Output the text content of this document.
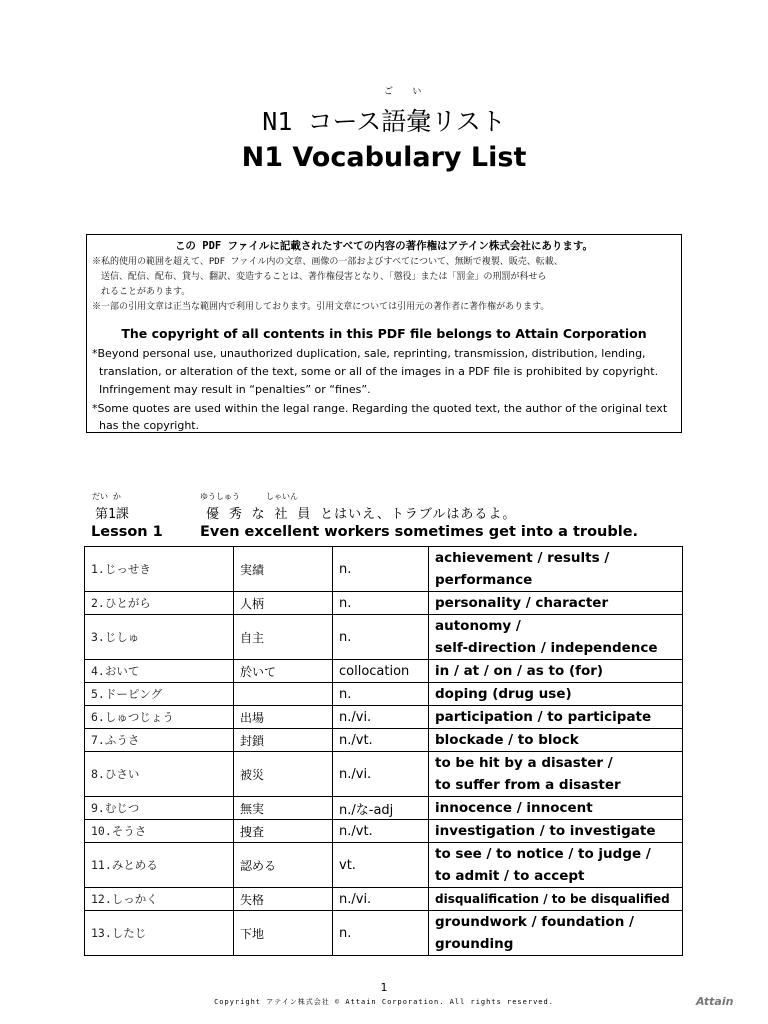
ご い
N1 コース語彙リスト
N1 Vocabulary List
この PDF ファイルに記載されたすべての内容の著作権はアテイン株式会社にあります。
※私的使用の範囲を超えて、PDF ファイル内の文章、画像の一部およびすべてについて、無断で複製、販売、転載、
送信、配信、配布、貸与、翻訳、変造することは、著作権侵害となり、「懲役」または「罰金」の刑罰が科せら
れることがあります。
※一部の引用文章は正当な範囲内で利用しております。引用文章については引用元の著作者に著作権があります。
The copyright of all contents in this PDF file belongs to Attain Corporation
*Beyond personal use, unauthorized duplication, sale, reprinting, transmission, distribution, lending,
translation, or alteration of the text, some or all of the images in a PDF file is prohibited by copyright.
Infringement may result in “penalties” or “fines”.
*Some quotes are used within the legal range. Regarding the quoted text, the author of the original text
has the copyright.
だい か	ゆうしゅう	しゃいん
第1課	優 秀 な 社 員 とはいえ、トラブルはあるよ。
Lesson 1	Even excellent workers sometimes get into a trouble.
1.じっせき	実績	n.	achievement / results /
performance

2.ひとがら	人柄	n.	personality / character

3.じしゅ	自主	n.	autonomy /
self-direction / independence

4.おいて	於いて	collocation	in / at / on / as to (for)

5.ドーピング		n.	doping (drug use)

6.しゅつじょう	出場	n./vi.	participation / to participate

7.ふうさ	封鎖	n./vt.	blockade / to block

8.ひさい	被災	n./vi.	to be hit by a disaster /
to suffer from a disaster

9.むじつ	無実	n./な-adj	innocence / innocent

10.そうさ	捜査	n./vt.	investigation / to investigate

11.みとめる	認める	vt.	to see / to notice / to judge /
to admit / to accept

12.しっかく	失格	n./vi.	disqualification / to be disqualified

13.したじ	下地	n.	groundwork / foundation /
grounding
1
Copyright アテイン株式会社 © Attain Corporation. All rights reserved.	Attain
